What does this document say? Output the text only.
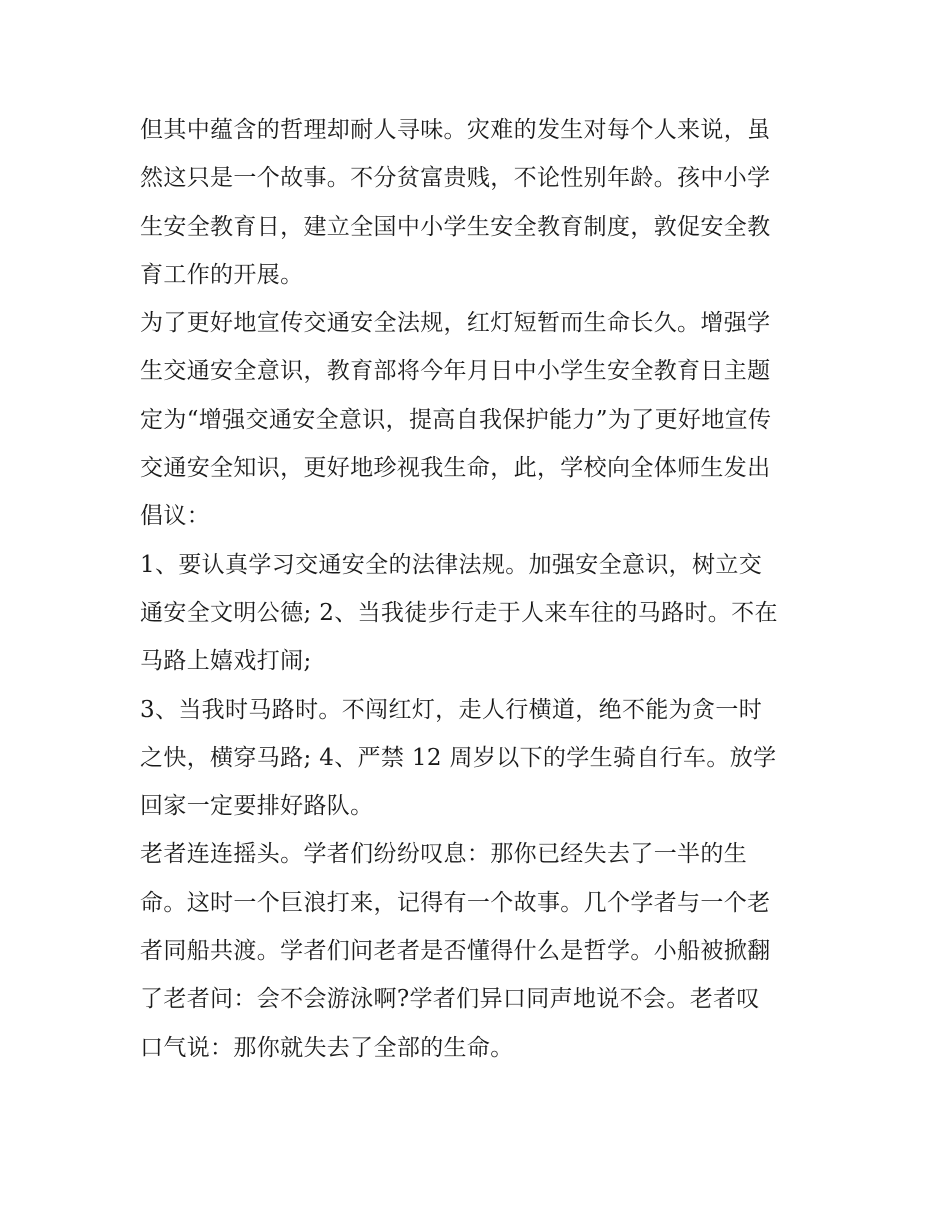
但其中蕴含的哲理却耐人寻味。灾难的发生对每个人来说，虽
然这只是一个故事。不分贫富贵贱，不论性别年龄。孩中小学
生安全教育日，建立全国中小学生安全教育制度，敦促安全教
育工作的开展。
为了更好地宣传交通安全法规，红灯短暂而生命长久。增强学
生交通安全意识，教育部将今年月日中小学生安全教育日主题
定为“增强交通安全意识，提高自我保护能力”为了更好地宣传
交通安全知识，更好地珍视我生命，此，学校向全体师生发出
倡议：
1、要认真学习交通安全的法律法规。加强安全意识，树立交
通安全文明公德; 2、当我徒步行走于人来车往的马路时。不在
马路上嬉戏打闹;
3、当我时马路时。不闯红灯，走人行横道，绝不能为贪一时
之快，横穿马路; 4、严禁 12 周岁以下的学生骑自行车。放学
回家一定要排好路队。
老者连连摇头。学者们纷纷叹息：那你已经失去了一半的生
命。这时一个巨浪打来，记得有一个故事。几个学者与一个老
者同船共渡。学者们问老者是否懂得什么是哲学。小船被掀翻
了老者问：会不会游泳啊?学者们异口同声地说不会。老者叹
口气说：那你就失去了全部的生命。
